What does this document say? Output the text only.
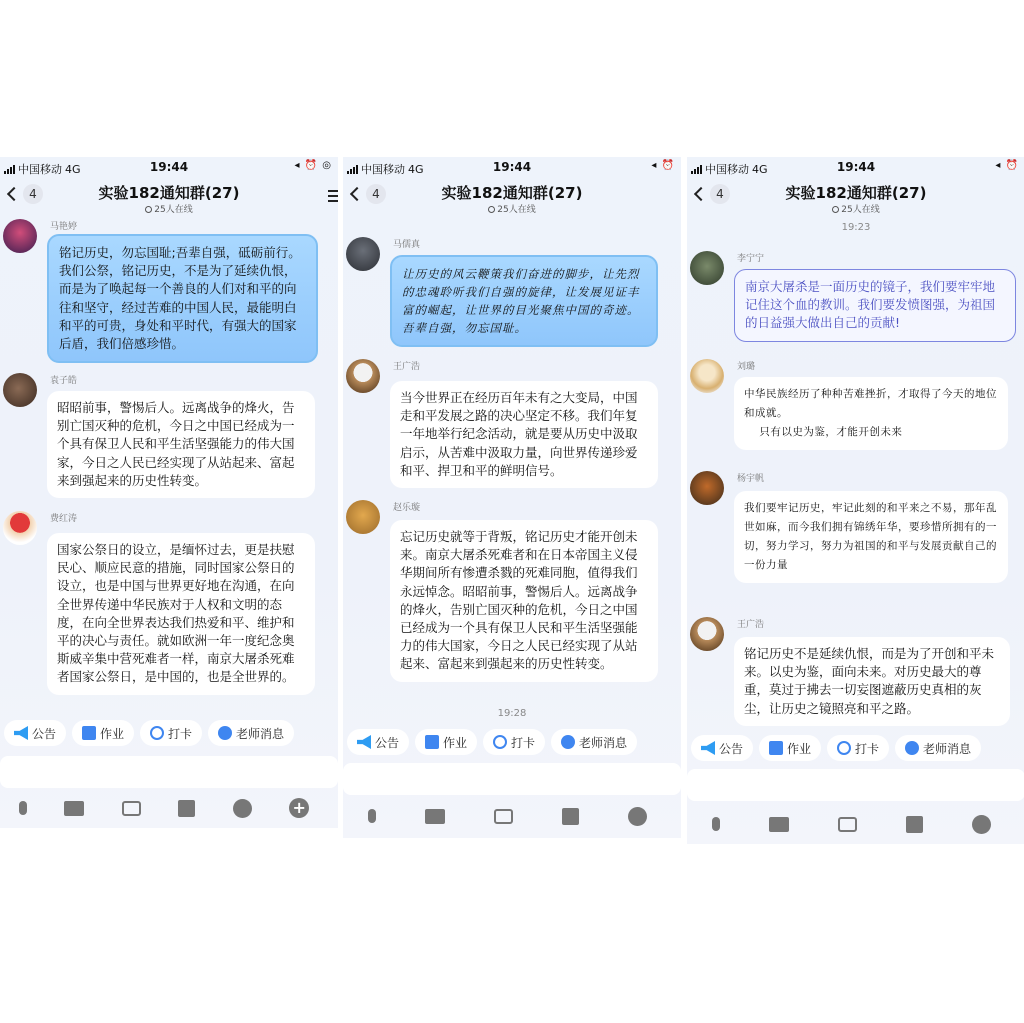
中国移动 4G	19:44	◂ ⏰ ◎
4	实验182通知群(27)
25人在线
马艳婷
铭记历史，勿忘国耻;吾辈自强，砥砺前行。我们公祭，铭记历史，不是为了延续仇恨，而是为了唤起每一个善良的人们对和平的向往和坚守，经过苦难的中国人民，最能明白和平的可贵，身处和平时代，有强大的国家后盾，我们倍感珍惜。
袁子皓
昭昭前事，警惕后人。远离战争的烽火，告别亡国灭种的危机，今日之中国已经成为一个具有保卫人民和平生活坚强能力的伟大国家，今日之人民已经实现了从站起来、富起来到强起来的历史性转变。
费红涛
国家公祭日的设立，是缅怀过去，更是扶慰民心、顺应民意的措施，同时国家公祭日的设立，也是中国与世界更好地在沟通，在向全世界传递中华民族对于人权和文明的态度，在向全世界表达我们热爱和平、维护和平的决心与责任。就如欧洲一年一度纪念奥斯威辛集中营死难者一样，南京大屠杀死难者国家公祭日，是中国的，也是全世界的。
公告	作业	打卡	老师消息
+
中国移动 4G	19:44	◂ ⏰
4	实验182通知群(27)
25人在线
马儒真
让历史的风云鞭策我们奋进的脚步，让先烈的忠魂聆听我们自强的旋律，让发展见证丰富的崛起，让世界的目光聚焦中国的奇迹。吾辈自强，勿忘国耻。
王广浩
当今世界正在经历百年未有之大变局，中国走和平发展之路的决心坚定不移。我们年复一年地举行纪念活动，就是要从历史中汲取启示，从苦难中汲取力量，向世界传递珍爱和平、捍卫和平的鲜明信号。
赵乐璇
忘记历史就等于背叛，铭记历史才能开创未来。南京大屠杀死难者和在日本帝国主义侵华期间所有惨遭杀戮的死难同胞，值得我们永远悼念。昭昭前事，警惕后人。远离战争的烽火，告别亡国灭种的危机，今日之中国已经成为一个具有保卫人民和平生活坚强能力的伟大国家，今日之人民已经实现了从站起来、富起来到强起来的历史性转变。
19:28
公告	作业	打卡	老师消息
中国移动 4G	19:44	◂ ⏰
4	实验182通知群(27)
25人在线
19:23
李宁宁
南京大屠杀是一面历史的镜子，我们要牢牢地记住这个血的教训。我们要发愤图强，为祖国的日益强大做出自己的贡献!
刘璐
中华民族经历了种种苦难挫折，才取得了今天的地位和成就。
只有以史为鉴，才能开创未来
杨宇帆
我们要牢记历史，牢记此刻的和平来之不易，那年乱世如麻，而今我们拥有锦绣年华，要珍惜所拥有的一切，努力学习，努力为祖国的和平与发展贡献自己的一份力量
王广浩
铭记历史不是延续仇恨，而是为了开创和平未来。以史为鉴，面向未来。对历史最大的尊重，莫过于拂去一切妄图遮蔽历史真相的灰尘，让历史之镜照亮和平之路。
公告	作业	打卡	老师消息
